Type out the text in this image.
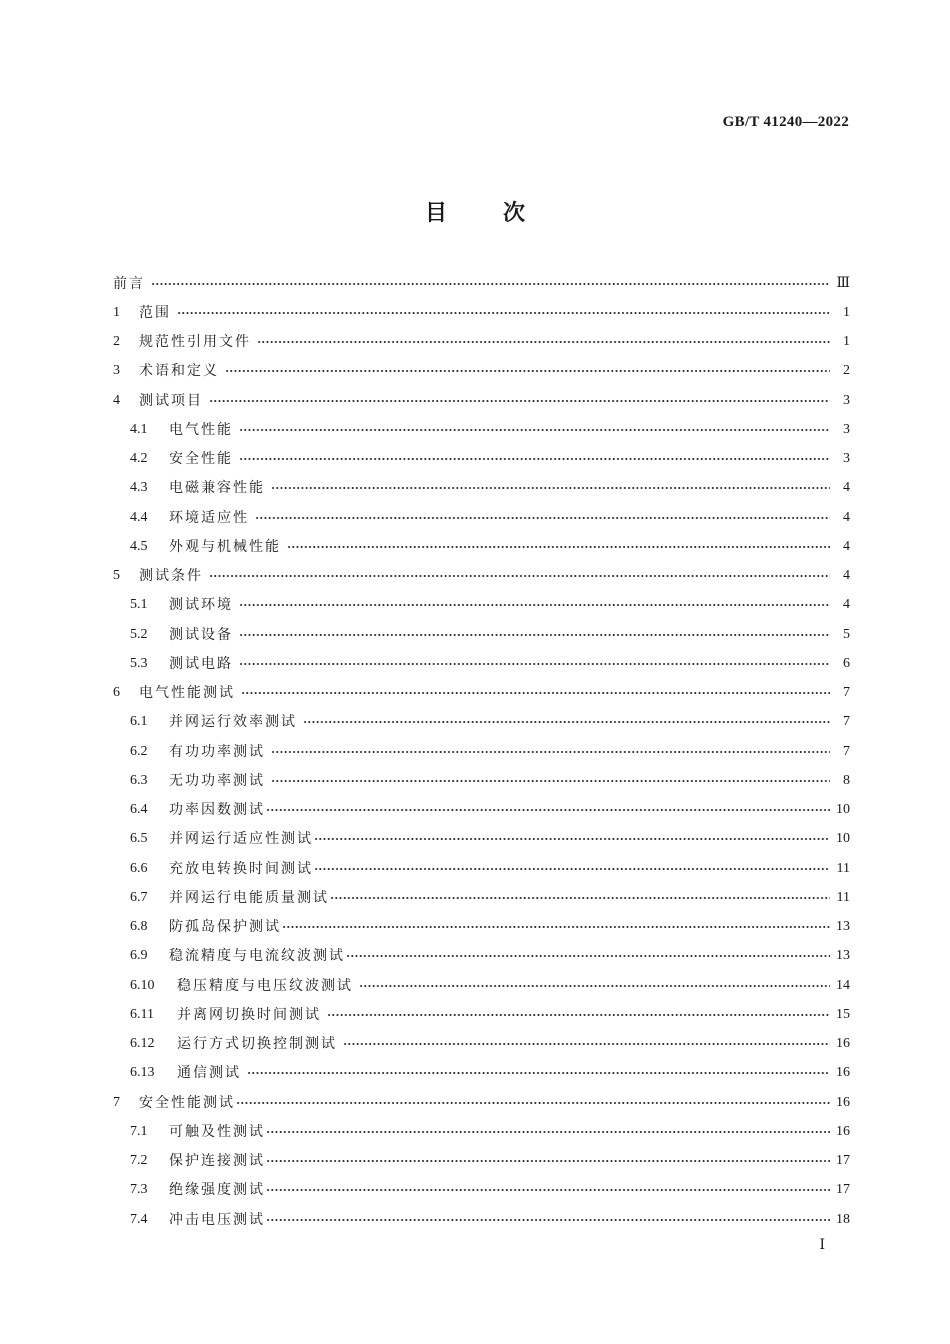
GB/T 41240—2022
目次
前言	Ⅲ
1	范围	1
2	规范性引用文件	1
3	术语和定义	2
4	测试项目	3
4.1	电气性能	3
4.2	安全性能	3
4.3	电磁兼容性能	4
4.4	环境适应性	4
4.5	外观与机械性能	4
5	测试条件	4
5.1	测试环境	4
5.2	测试设备	5
5.3	测试电路	6
6	电气性能测试	7
6.1	并网运行效率测试	7
6.2	有功功率测试	7
6.3	无功功率测试	8
6.4	功率因数测试	10
6.5	并网运行适应性测试	10
6.6	充放电转换时间测试	11
6.7	并网运行电能质量测试	11
6.8	防孤岛保护测试	13
6.9	稳流精度与电流纹波测试	13
6.10	稳压精度与电压纹波测试	14
6.11	并离网切换时间测试	15
6.12	运行方式切换控制测试	16
6.13	通信测试	16
7	安全性能测试	16
7.1	可触及性测试	16
7.2	保护连接测试	17
7.3	绝缘强度测试	17
7.4	冲击电压测试	18
Ⅰ
